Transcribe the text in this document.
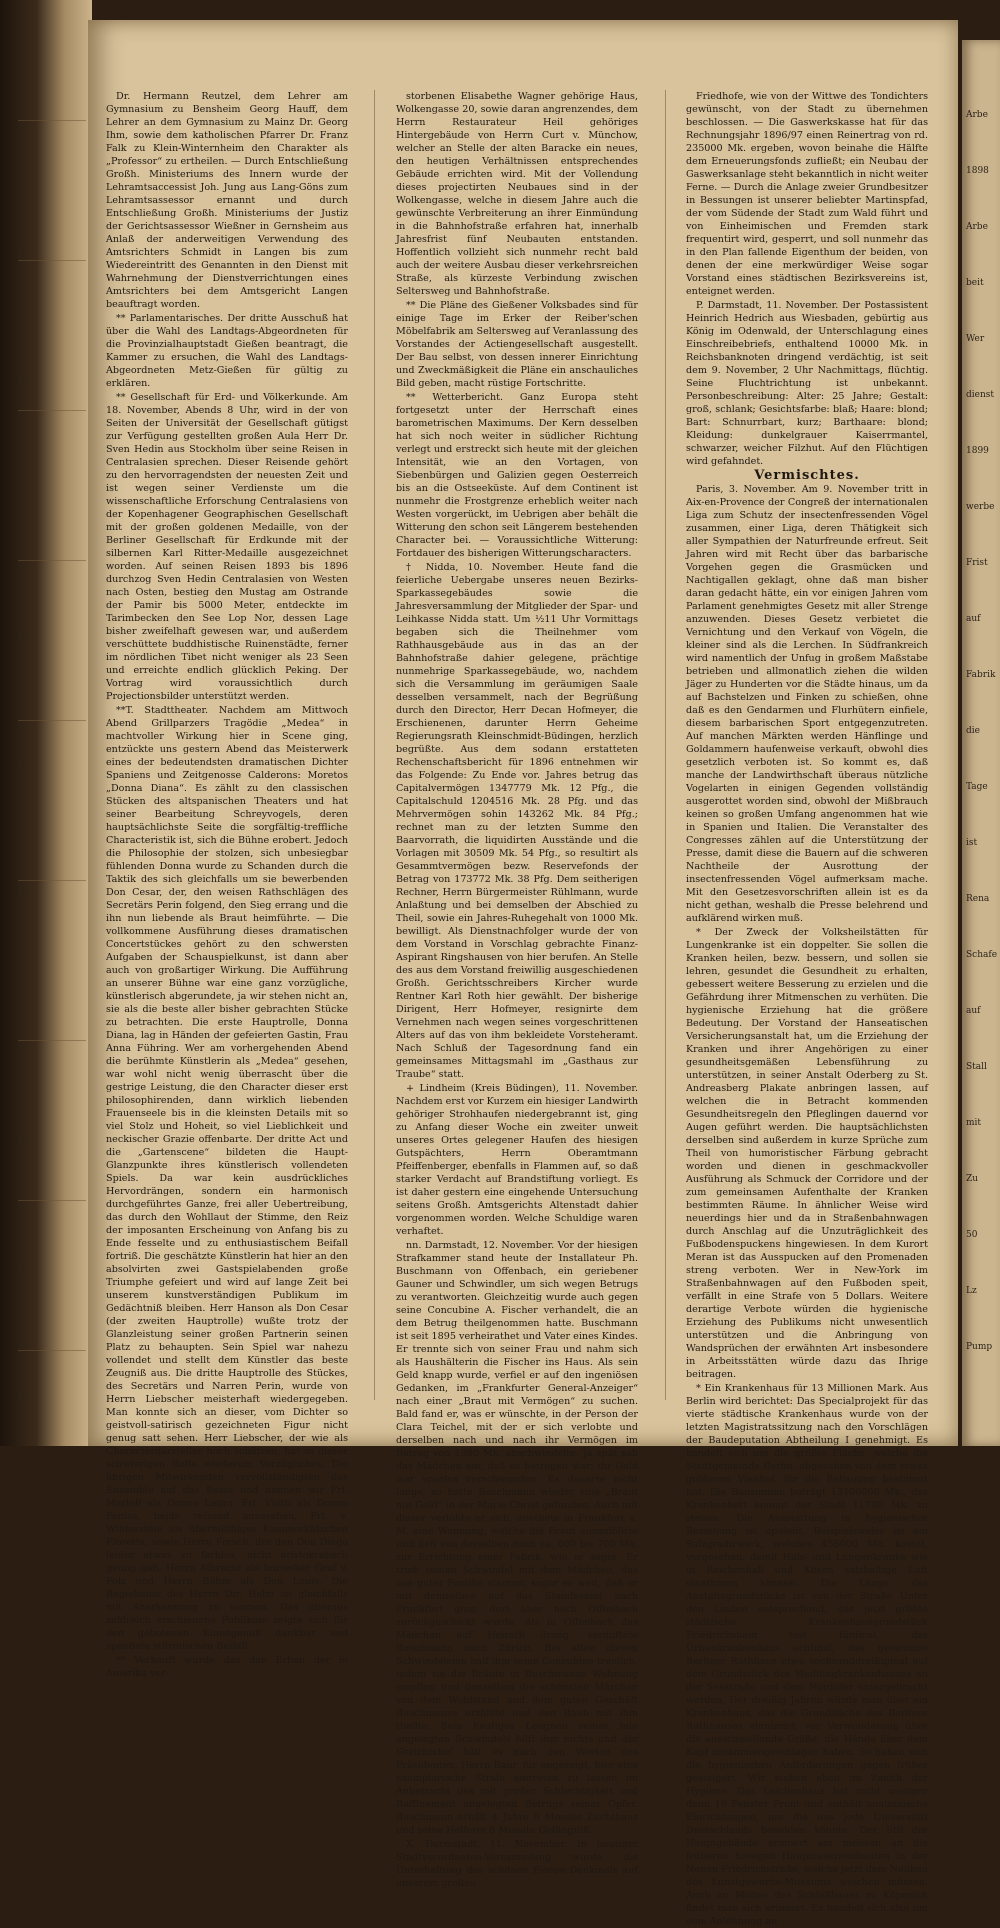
Dr. Hermann Reutzel, dem Lehrer am Gymnasium zu Bensheim Georg Hauff, dem Lehrer an dem Gymnasium zu Mainz Dr. Georg Ihm, sowie dem katholischen Pfarrer Dr. Franz Falk zu Klein-Winternheim den Charakter als „Professor“ zu ertheilen. — Durch Entschließung Großh. Ministeriums des Innern wurde der Lehramtsaccessist Joh. Jung aus Lang-Göns zum Lehramtsassessor ernannt und durch Entschließung Großh. Ministeriums der Justiz der Gerichtsassessor Wießner in Gernsheim aus Anlaß der anderweitigen Verwendung des Amtsrichters Schmidt in Langen bis zum Wiedereintritt des Genannten in den Dienst mit Wahrnehmung der Dienstverrichtungen eines Amtsrichters bei dem Amtsgericht Langen beauftragt worden.

** Parlamentarisches. Der dritte Ausschuß hat über die Wahl des Landtags-Abgeordneten für die Provinzialhauptstadt Gießen beantragt, die Kammer zu ersuchen, die Wahl des Landtags-Abgeordneten Metz-Gießen für gültig zu erklären.

** Gesellschaft für Erd- und Völkerkunde. Am 18. November, Abends 8 Uhr, wird in der von Seiten der Universität der Gesellschaft gütigst zur Verfügung gestellten großen Aula Herr Dr. Sven Hedin aus Stockholm über seine Reisen in Centralasien sprechen. Dieser Reisende gehört zu den hervorragendsten der neuesten Zeit und ist wegen seiner Verdienste um die wissenschaftliche Erforschung Centralasiens von der Kopenhagener Geographischen Gesellschaft mit der großen goldenen Medaille, von der Berliner Gesellschaft für Erdkunde mit der silbernen Karl Ritter-Medaille ausgezeichnet worden. Auf seinen Reisen 1893 bis 1896 durchzog Sven Hedin Centralasien von Westen nach Osten, bestieg den Mustag am Ostrande der Pamir bis 5000 Meter, entdeckte im Tarimbecken den See Lop Nor, dessen Lage bisher zweifelhaft gewesen war, und außerdem verschüttete buddhistische Ruinenstädte, ferner im nördlichen Tibet nicht weniger als 23 Seen und erreichte endlich glücklich Peking. Der Vortrag wird voraussichtlich durch Projectionsbilder unterstützt werden.

**T. Stadttheater. Nachdem am Mittwoch Abend Grillparzers Tragödie „Medea“ in machtvoller Wirkung hier in Scene ging, entzückte uns gestern Abend das Meisterwerk eines der bedeutendsten dramatischen Dichter Spaniens und Zeitgenosse Calderons: Moretos „Donna Diana“. Es zählt zu den classischen Stücken des altspanischen Theaters und hat seiner Bearbeitung Schreyvogels, deren hauptsächlichste Seite die sorgfältig-treffliche Characteristik ist, sich die Bühne erobert. Jedoch die Philosophie der stolzen, sich unbesiegbar fühlenden Donna wurde zu Schanden durch die Taktik des sich gleichfalls um sie bewerbenden Don Cesar, der, den weisen Rathschlägen des Secretärs Perin folgend, den Sieg errang und die ihn nun liebende als Braut heimführte. — Die vollkommene Ausführung dieses dramatischen Concertstückes gehört zu den schwersten Aufgaben der Schauspielkunst, ist dann aber auch von großartiger Wirkung. Die Aufführung an unserer Bühne war eine ganz vorzügliche, künstlerisch abgerundete, ja wir stehen nicht an, sie als die beste aller bisher gebrachten Stücke zu betrachten. Die erste Hauptrolle, Donna Diana, lag in Händen der gefeierten Gastin, Frau Anna Führing. Wer am vorhergehenden Abend die berühmte Künstlerin als „Medea“ gesehen, war wohl nicht wenig überrascht über die gestrige Leistung, die den Character dieser erst philosophirenden, dann wirklich liebenden Frauenseele bis in die kleinsten Details mit so viel Stolz und Hoheit, so viel Lieblichkeit und neckischer Grazie offenbarte. Der dritte Act und die „Gartenscene“ bildeten die Haupt-Glanzpunkte ihres künstlerisch vollendeten Spiels. Da war kein ausdrückliches Hervordrängen, sondern ein harmonisch durchgeführtes Ganze, frei aller Uebertreibung, das durch den Wohllaut der Stimme, den Reiz der imposanten Erscheinung von Anfang bis zu Ende fesselte und zu enthusiastischem Beifall fortriß. Die geschätzte Künstlerin hat hier an den absolvirten zwei Gastspielabenden große Triumphe gefeiert und wird auf lange Zeit bei unserem kunstverständigen Publikum im Gedächtniß bleiben. Herr Hanson als Don Cesar (der zweiten Hauptrolle) wußte trotz der Glanzleistung seiner großen Partnerin seinen Platz zu behaupten. Sein Spiel war nahezu vollendet und stellt dem Künstler das beste Zeugniß aus. Die dritte Hauptrolle des Stückes, des Secretärs und Narren Perin, wurde von Herrn Liebscher meisterhaft wiedergegeben. Man konnte sich an dieser, vom Dichter so geistvoll-satirisch gezeichneten Figur nicht genug satt sehen. Herr Liebscher, der wie als Characterdarsteller hoch schätzen, hat in dieser schwierigen Rolle wiederum Vorzügliches. Die übrigen Mitwirkenden vervollständigten das Ensemble auf das Beste und nennen wir Frl. Marloff als Donna Laura, Frl. Viotti als Donna Fenisa, beide reizend anzusehen, Frl. v. Winterstein als übermüthiges Kammerkätzchen Floretta, sowie Herrn Forsch, der den Don Diego leider etwas zu farblos, nicht aristokratisch genug gab, Herrn Albrecht als burlesker Graf v. Folz und Herrn Böhm als Don Louis. Die Regiekunst des Herrn Dir. Helm ist gleichfalls mit Anerkennung zu nennen. Das überaus zahlreich erschienene Publikum zeigte sich für den gebotenen Kunstgenuß dankbar und spendete stürmischen Beifall.

** Verkauft wurde das den Erben der in Amerika ver-

storbenen Elisabethe Wagner gehörige Haus, Wolkengasse 20, sowie daran angrenzendes, dem Herrn Restaurateur Heil gehöriges Hintergebäude von Herrn Curt v. Münchow, welcher an Stelle der alten Baracke ein neues, den heutigen Verhältnissen entsprechendes Gebäude errichten wird. Mit der Vollendung dieses projectirten Neubaues sind in der Wolkengasse, welche in diesem Jahre auch die gewünschte Verbreiterung an ihrer Einmündung in die Bahnhofstraße erfahren hat, innerhalb Jahresfrist fünf Neubauten entstanden. Hoffentlich vollzieht sich nunmehr recht bald auch der weitere Ausbau dieser verkehrsreichen Straße, als kürzeste Verbindung zwischen Seltersweg und Bahnhofstraße.

** Die Pläne des Gießener Volksbades sind für einige Tage im Erker der Reiber'schen Möbelfabrik am Seltersweg auf Veranlassung des Vorstandes der Actiengesellschaft ausgestellt. Der Bau selbst, von dessen innerer Einrichtung und Zweckmäßigkeit die Pläne ein anschauliches Bild geben, macht rüstige Fortschritte.

** Wetterbericht. Ganz Europa steht fortgesetzt unter der Herrschaft eines barometrischen Maximums. Der Kern desselben hat sich noch weiter in südlicher Richtung verlegt und erstreckt sich heute mit der gleichen Intensität, wie an den Vortagen, von Siebenbürgen und Galizien gegen Oesterreich bis an die Ostseeküste. Auf dem Continent ist nunmehr die Frostgrenze erheblich weiter nach Westen vorgerückt, im Uebrigen aber behält die Witterung den schon seit Längerem bestehenden Character bei. — Voraussichtliche Witterung: Fortdauer des bisherigen Witterungscharacters.

† Nidda, 10. November. Heute fand die feierliche Uebergabe unseres neuen Bezirks-Sparkassegebäudes sowie die Jahresversammlung der Mitglieder der Spar- und Leihkasse Nidda statt. Um ½11 Uhr Vormittags begaben sich die Theilnehmer vom Rathhausgebäude aus in das an der Bahnhofstraße dahier gelegene, prächtige nunmehrige Sparkassegebäude, wo, nachdem sich die Versammlung im geräumigen Saale desselben versammelt, nach der Begrüßung durch den Director, Herr Decan Hofmeyer, die Erschienenen, darunter Herrn Geheime Regierungsrath Kleinschmidt-Büdingen, herzlich begrüßte. Aus dem sodann erstatteten Rechenschaftsbericht für 1896 entnehmen wir das Folgende: Zu Ende vor. Jahres betrug das Capitalvermögen 1347779 Mk. 12 Pfg., die Capitalschuld 1204516 Mk. 28 Pfg. und das Mehrvermögen sohin 143262 Mk. 84 Pfg.; rechnet man zu der letzten Summe den Baarvorrath, die liquidirten Ausstände und die Vorlagen mit 30509 Mk. 54 Pfg., so resultirt als Gesammtvermögen bezw. Reservefonds der Betrag von 173772 Mk. 38 Pfg. Dem seitherigen Rechner, Herrn Bürgermeister Rühlmann, wurde Anlaßtung und bei demselben der Abschied zu Theil, sowie ein Jahres-Ruhegehalt von 1000 Mk. bewilligt. Als Dienstnachfolger wurde der von dem Vorstand in Vorschlag gebrachte Finanz-Aspirant Ringshausen von hier berufen. An Stelle des aus dem Vorstand freiwillig ausgeschiedenen Großh. Gerichtsschreibers Kircher wurde Rentner Karl Roth hier gewählt. Der bisherige Dirigent, Herr Hofmeyer, resignirte dem Vernehmen nach wegen seines vorgeschrittenen Alters auf das von ihm bekleidete Vorsteheramt. Nach Schluß der Tagesordnung fand ein gemeinsames Mittagsmahl im „Gasthaus zur Traube“ statt.

+ Lindheim (Kreis Büdingen), 11. November. Nachdem erst vor Kurzem ein hiesiger Landwirth gehöriger Strohhaufen niedergebrannt ist, ging zu Anfang dieser Woche ein zweiter unweit unseres Ortes gelegener Haufen des hiesigen Gutspächters, Herrn Oberamtmann Pfeiffenberger, ebenfalls in Flammen auf, so daß starker Verdacht auf Brandstiftung vorliegt. Es ist daher gestern eine eingehende Untersuchung seitens Großh. Amtsgerichts Altenstadt dahier vorgenommen worden. Welche Schuldige waren verhaftet.

nn. Darmstadt, 12. November. Vor der hiesigen Strafkammer stand heute der Installateur Ph. Buschmann von Offenbach, ein geriebener Gauner und Schwindler, um sich wegen Betrugs zu verantworten. Gleichzeitig wurde auch gegen seine Concubine A. Fischer verhandelt, die an dem Betrug theilgenommen hatte. Buschmann ist seit 1895 verheirathet und Vater eines Kindes. Er trennte sich von seiner Frau und nahm sich als Haushälterin die Fischer ins Haus. Als sein Geld knapp wurde, verfiel er auf den ingeniösen Gedanken, im „Frankfurter General-Anzeiger“ nach einer „Braut mit Vermögen“ zu suchen. Bald fand er, was er wünschte, in der Person der Clara Teichel, mit der er sich verlobte und derselben nach und nach ihr Vermögen im Betrag von 1980 Mk. abschwindelte. Ja spät sah das Mädchen ein, daß es betrogen war; ihr Geld war spurlos verschwunden. Es dauerte nicht lange, so hatte Buschmann wieder eine „Braut mit Geld“ in der Marie Christ gefunden. Auch mit dieser verlobte er sich, miethete in Frankfurt a. M. eine Wohnung, welche die Braut ausmöblirte und ließ von derselben noch ca. 600 bis 700 Mk. zur Errichtung einer Fabrik, wie er sagte. Er trieb seinen Schwindel mit dem Mädchen, das aus guter Familie stammt, sogar so weit, daß er mit demselben auf das Standesamt nach Frankfurt ging, dort aber nach Offenbach zurückgeschickt wurde. Als in Offenbach das Mädchen auf Heirath drang, verduftete Buschmann nach Zürich. Bei allen diesen Schwindeleien half ihm seine Concubine treulich, indem sie die Bräute in Buschmanns Wohnung empfing und denselben die schönsten Märchen von dem Wohlstand und dem guten Geschäft Buschmanns erzählte und den Raub mit ihm theilte. Sein heutiges Leugnen seines fein angelegten Schwindels hilft ihm nichts und der Gerichtshof hält es nach den Worten des Präsidenten, Herrn Baur, für angezeigt, hier eine exemplarische Strafe eintreten zu lassen im Anbetracht des mit großer Schlechtigkeit und Raffinement angelegten Betrugs seiner Opfer. Buschmann erhält 4 Jahre 6 Monate Zuchthaus und seine Helferin 6 Monate Gefängniß.

X. Darmstadt, 11. November. In heutiger Stadtverordneten-Versammlung wurde die Unterhaltung des schönen Flotow-Denkmals auf unserem großen

Friedhofe, wie von der Wittwe des Tondichters gewünscht, von der Stadt zu übernehmen beschlossen. — Die Gaswerkskasse hat für das Rechnungsjahr 1896/97 einen Reinertrag von rd. 235000 Mk. ergeben, wovon beinahe die Hälfte dem Erneuerungsfonds zufließt; ein Neubau der Gaswerksanlage steht bekanntlich in nicht weiter Ferne. — Durch die Anlage zweier Grundbesitzer in Bessungen ist unserer beliebter Martinspfad, der vom Südende der Stadt zum Wald führt und von Einheimischen und Fremden stark frequentirt wird, gesperrt, und soll nunmehr das in den Plan fallende Eigenthum der beiden, von denen der eine merkwürdiger Weise sogar Vorstand eines städtischen Bezirksvereins ist, enteignet werden.

P. Darmstadt, 11. November. Der Postassistent Heinrich Hedrich aus Wiesbaden, gebürtig aus König im Odenwald, der Unterschlagung eines Einschreibebriefs, enthaltend 10000 Mk. in Reichsbanknoten dringend verdächtig, ist seit dem 9. November, 2 Uhr Nachmittags, flüchtig. Seine Fluchtrichtung ist unbekannt. Personbeschreibung: Alter: 25 Jahre; Gestalt: groß, schlank; Gesichtsfarbe: blaß; Haare: blond; Bart: Schnurrbart, kurz; Barthaare: blond; Kleidung: dunkelgrauer Kaiserrmantel, schwarzer, weicher Filzhut. Auf den Flüchtigen wird gefahndet.

Vermischtes.

Paris, 3. November. Am 9. November tritt in Aix-en-Provence der Congreß der internationalen Liga zum Schutz der insectenfressenden Vögel zusammen, einer Liga, deren Thätigkeit sich aller Sympathien der Naturfreunde erfreut. Seit Jahren wird mit Recht über das barbarische Vorgehen gegen die Grasmücken und Nachtigallen geklagt, ohne daß man bisher daran gedacht hätte, ein vor einigen Jahren vom Parlament genehmigtes Gesetz mit aller Strenge anzuwenden. Dieses Gesetz verbietet die Vernichtung und den Verkauf von Vögeln, die kleiner sind als die Lerchen. In Südfrankreich wird namentlich der Unfug in großem Maßstabe betrieben und allmonatlich ziehen die wilden Jäger zu Hunderten vor die Städte hinaus, um da auf Bachstelzen und Finken zu schießen, ohne daß es den Gendarmen und Flurhütern einfiele, diesem barbarischen Sport entgegenzutreten. Auf manchen Märkten werden Hänflinge und Goldammern haufenweise verkauft, obwohl dies gesetzlich verboten ist. So kommt es, daß manche der Landwirthschaft überaus nützliche Vogelarten in einigen Gegenden vollständig ausgerottet worden sind, obwohl der Mißbrauch keinen so großen Umfang angenommen hat wie in Spanien und Italien. Die Veranstalter des Congresses zählen auf die Unterstützung der Presse, damit diese die Bauern auf die schweren Nachtheile der Ausrottung der insectenfressenden Vögel aufmerksam mache. Mit den Gesetzesvorschriften allein ist es da nicht gethan, weshalb die Presse belehrend und aufklärend wirken muß.

* Der Zweck der Volksheilstätten für Lungenkranke ist ein doppelter. Sie sollen die Kranken heilen, bezw. bessern, und sollen sie lehren, gesundet die Gesundheit zu erhalten, gebessert weitere Besserung zu erzielen und die Gefährdung ihrer Mitmenschen zu verhüten. Die hygienische Erziehung hat die größere Bedeutung. Der Vorstand der Hanseatischen Versicherungsanstalt hat, um die Erziehung der Kranken und ihrer Angehörigen zu einer gesundheitsgemäßen Lebensführung zu unterstützen, in seiner Anstalt Oderberg zu St. Andreasberg Plakate anbringen lassen, auf welchen die in Betracht kommenden Gesundheitsregeln den Pfleglingen dauernd vor Augen geführt werden. Die hauptsächlichsten derselben sind außerdem in kurze Sprüche zum Theil von humoristischer Färbung gebracht worden und dienen in geschmackvoller Ausführung als Schmuck der Corridore und der zum gemeinsamen Aufenthalte der Kranken bestimmten Räume. In ähnlicher Weise wird neuerdings hier und da in Straßenbahnwagen durch Anschlag auf die Unzuträglichkeit des Fußbodenspuckens hingewiesen. In dem Kurort Meran ist das Ausspucken auf den Promenaden streng verboten. Wer in New-York im Straßenbahnwagen auf den Fußboden speit, verfällt in eine Strafe von 5 Dollars. Weitere derartige Verbote würden die hygienische Erziehung des Publikums nicht unwesentlich unterstützen und die Anbringung von Wandsprüchen der erwähnten Art insbesondere in Arbeitsstätten würde dazu das Ihrige beitragen.

* Ein Krankenhaus für 13 Millionen Mark. Aus Berlin wird berichtet: Das Specialprojekt für das vierte städtische Krankenhaus wurde von der letzten Magistratssitzung nach den Vorschlägen der Baudeputation Abtheilung I genehmigt. Es handelt sich um die größte Fläche, welche die Stadtgemeinde Berlin, abgesehen von dem etwas größeren Viehhof, für die Bebauung bestimmt hat. Die Bausumme beträgt 13100000 Mk., das Krankenbett kommt der Stadt 11700 Mk. zu stehen. Die Ausstattung in hygienischer Beziehung ist opulent. Beispielsweise ist ein Salzgradirwerk, welches 455000 Mk. kostet, vorgesehen, damit Hals- und Lungenkranke wie in Reichenhall und Kösen salzhaltige Luft einathmen können. Die Länge des Anstaltsgrundstücks ist von der Straße Unter den Linden entsprechend, das jetzt größte städtische Krankenhausgrundstück Friedrichshain fast fünfmal, das Urbankrankenhaus achtmal, das gesammte Berliner Rathhaus etwa sechsunddreißigmal auf dem Grundstück des Weddingkrankenhauses an der Seestraße und dem Nordufer untergebracht werden. Der dreißig Jahren würde man über ein Krankenhaus, das die Grundfläche des Berliner Rathhauses einnimmt, vor Verwunderung über die ausschweifende Größe, die Hände über dem Kopf zusammengeschlagen haben. So haben sich die hygienischen Anforderungen gegen früher gesteigert. Wir stehen eben im Zenith der Hygiene. Das Leichenhaus hat nicht weniger denn 19 Fenster Front und enthält anatomische Einrichtungen, um die uns jede Universität Deutschlands beneiden könnte. Der Stil der Hauptgebäude erinnert am meisten an die früheren hiesigen Hauptcasernenbauten in der Neuen Friedrichstraße, welche jetzt dem Neubau des Kunstgewerbe-Museums weichen müssen. Auch an Motive des Schloßbaues zu Köpenick findet man sich erinnert. Es handelt sich also um eine Anlehnung an

Arbe
1898
Arbe
beit
Wer
dienst
1899
werbe
Frist
auf
Fabrik
die
Tage
ist
Rena
Schafe
auf
Stall
mit
Zu
50
Lz
Pump
